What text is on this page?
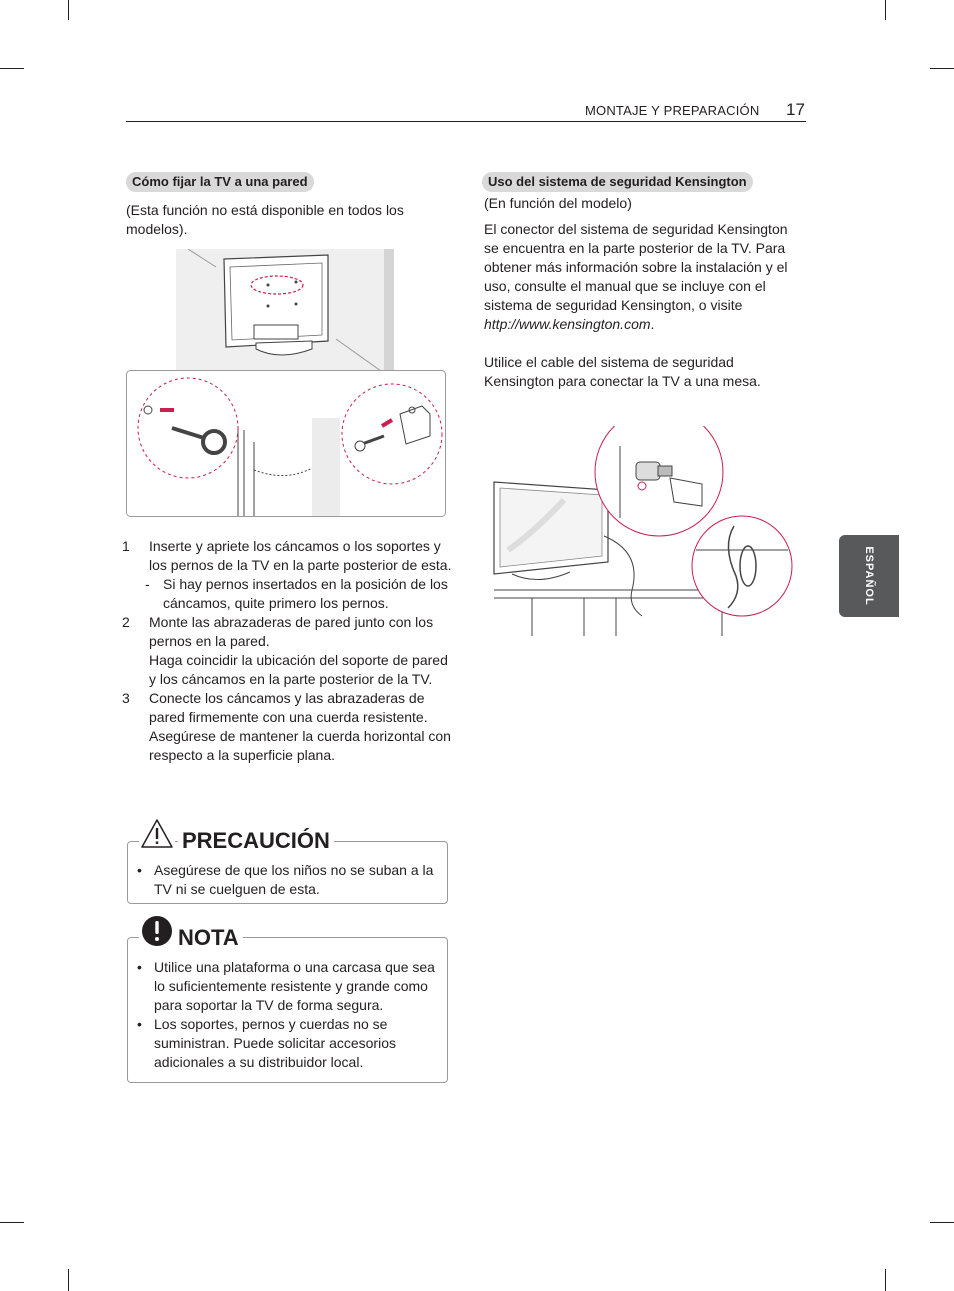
MONTAJE Y PREPARACIÓN 17
ESPAÑOL
Cómo fijar la TV a una pared
(Esta función no está disponible en todos los modelos).
1 Inserte y apriete los cáncamos o los soportes y los pernos de la TV en la parte posterior de esta.
- Si hay pernos insertados en la posición de los cáncamos, quite primero los pernos.
2 Monte las abrazaderas de pared junto con los pernos en la pared.
Haga coincidir la ubicación del soporte de pared y los cáncamos en la parte posterior de la TV.
3 Conecte los cáncamos y las abrazaderas de pared firmemente con una cuerda resistente. Asegúrese de mantener la cuerda horizontal con respecto a la superficie plana.
• Asegúrese de que los niños no se suban a la TV ni se cuelguen de esta.
PRECAUCIÓN
• Utilice una plataforma o una carcasa que sea lo suficientemente resistente y grande como para soportar la TV de forma segura.
• Los soportes, pernos y cuerdas no se suministran. Puede solicitar accesorios adicionales a su distribuidor local.
NOTA
Uso del sistema de seguridad Kensington
(En función del modelo)
El conector del sistema de seguridad Kensington se encuentra en la parte posterior de la TV. Para obtener más información sobre la instalación y el uso, consulte el manual que se incluye con el sistema de seguridad Kensington, o visite http://www.kensington.com.
Utilice el cable del sistema de seguridad Kensington para conectar la TV a una mesa.
